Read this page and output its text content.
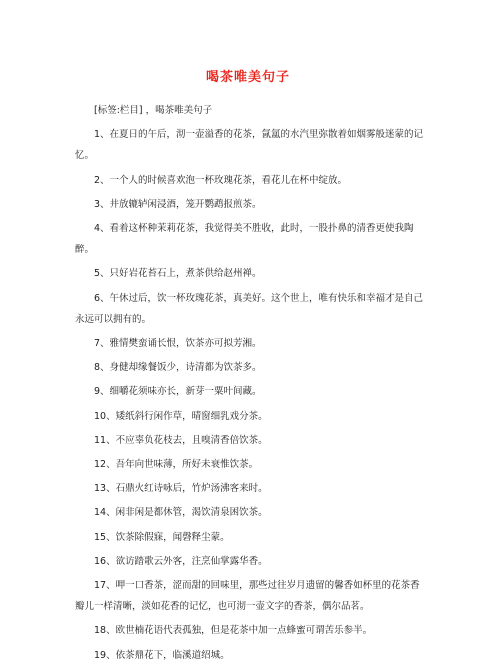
喝茶唯美句子

[标签:栏目] ，喝茶唯美句子

1、在夏日的午后，沏一壶溢香的花茶，氤氲的水汽里弥散着如烟雾般迷蒙的记忆。

2、一个人的时候喜欢泡一杯玫瑰花茶，看花儿在杯中绽放。

3、井放辘轳闲浸酒，笼开鹦鹉报煎茶。

4、看着这杯种茉莉花茶，我觉得美不胜收，此时，一股扑鼻的清香更使我陶醉。

5、只好岩花苔石上，煮茶供给赵州禅。

6、午休过后，饮一杯玫瑰花茶，真美好。这个世上，唯有快乐和幸福才是自己永远可以拥有的。

7、雅情樊蛮诵长恨，饮茶亦可拟芳湘。

8、身健却缘餐饭少，诗清都为饮茶多。

9、细嚼花须味亦长，新芽一粟叶间藏。

10、矮纸斜行闲作草，晴窗细乳戏分茶。

11、不应辜负花枝去，且嗅清香倍饮茶。

12、吾年向世味薄，所好未衰惟饮茶。

13、石鼎火红诗咏后，竹炉汤沸客来时。

14、闲非闲是都休管，渴饮清泉困饮茶。

15、饮茶除假寐，闻磬释尘蒙。

16、欲访踏歌云外客，注烹仙掌露华香。

17、呷一口香茶，涩而甜的回味里，那些过往岁月遗留的馨香如杯里的花茶香瓣儿一样清晰，淡如花香的记忆，也可沏一壶文字的香茶，偶尔品茗。

18、欧世楠花语代表孤独，但是花茶中加一点蜂蜜可谓苦乐参半。

19、依茶鼎花下，临溪道绍城。
